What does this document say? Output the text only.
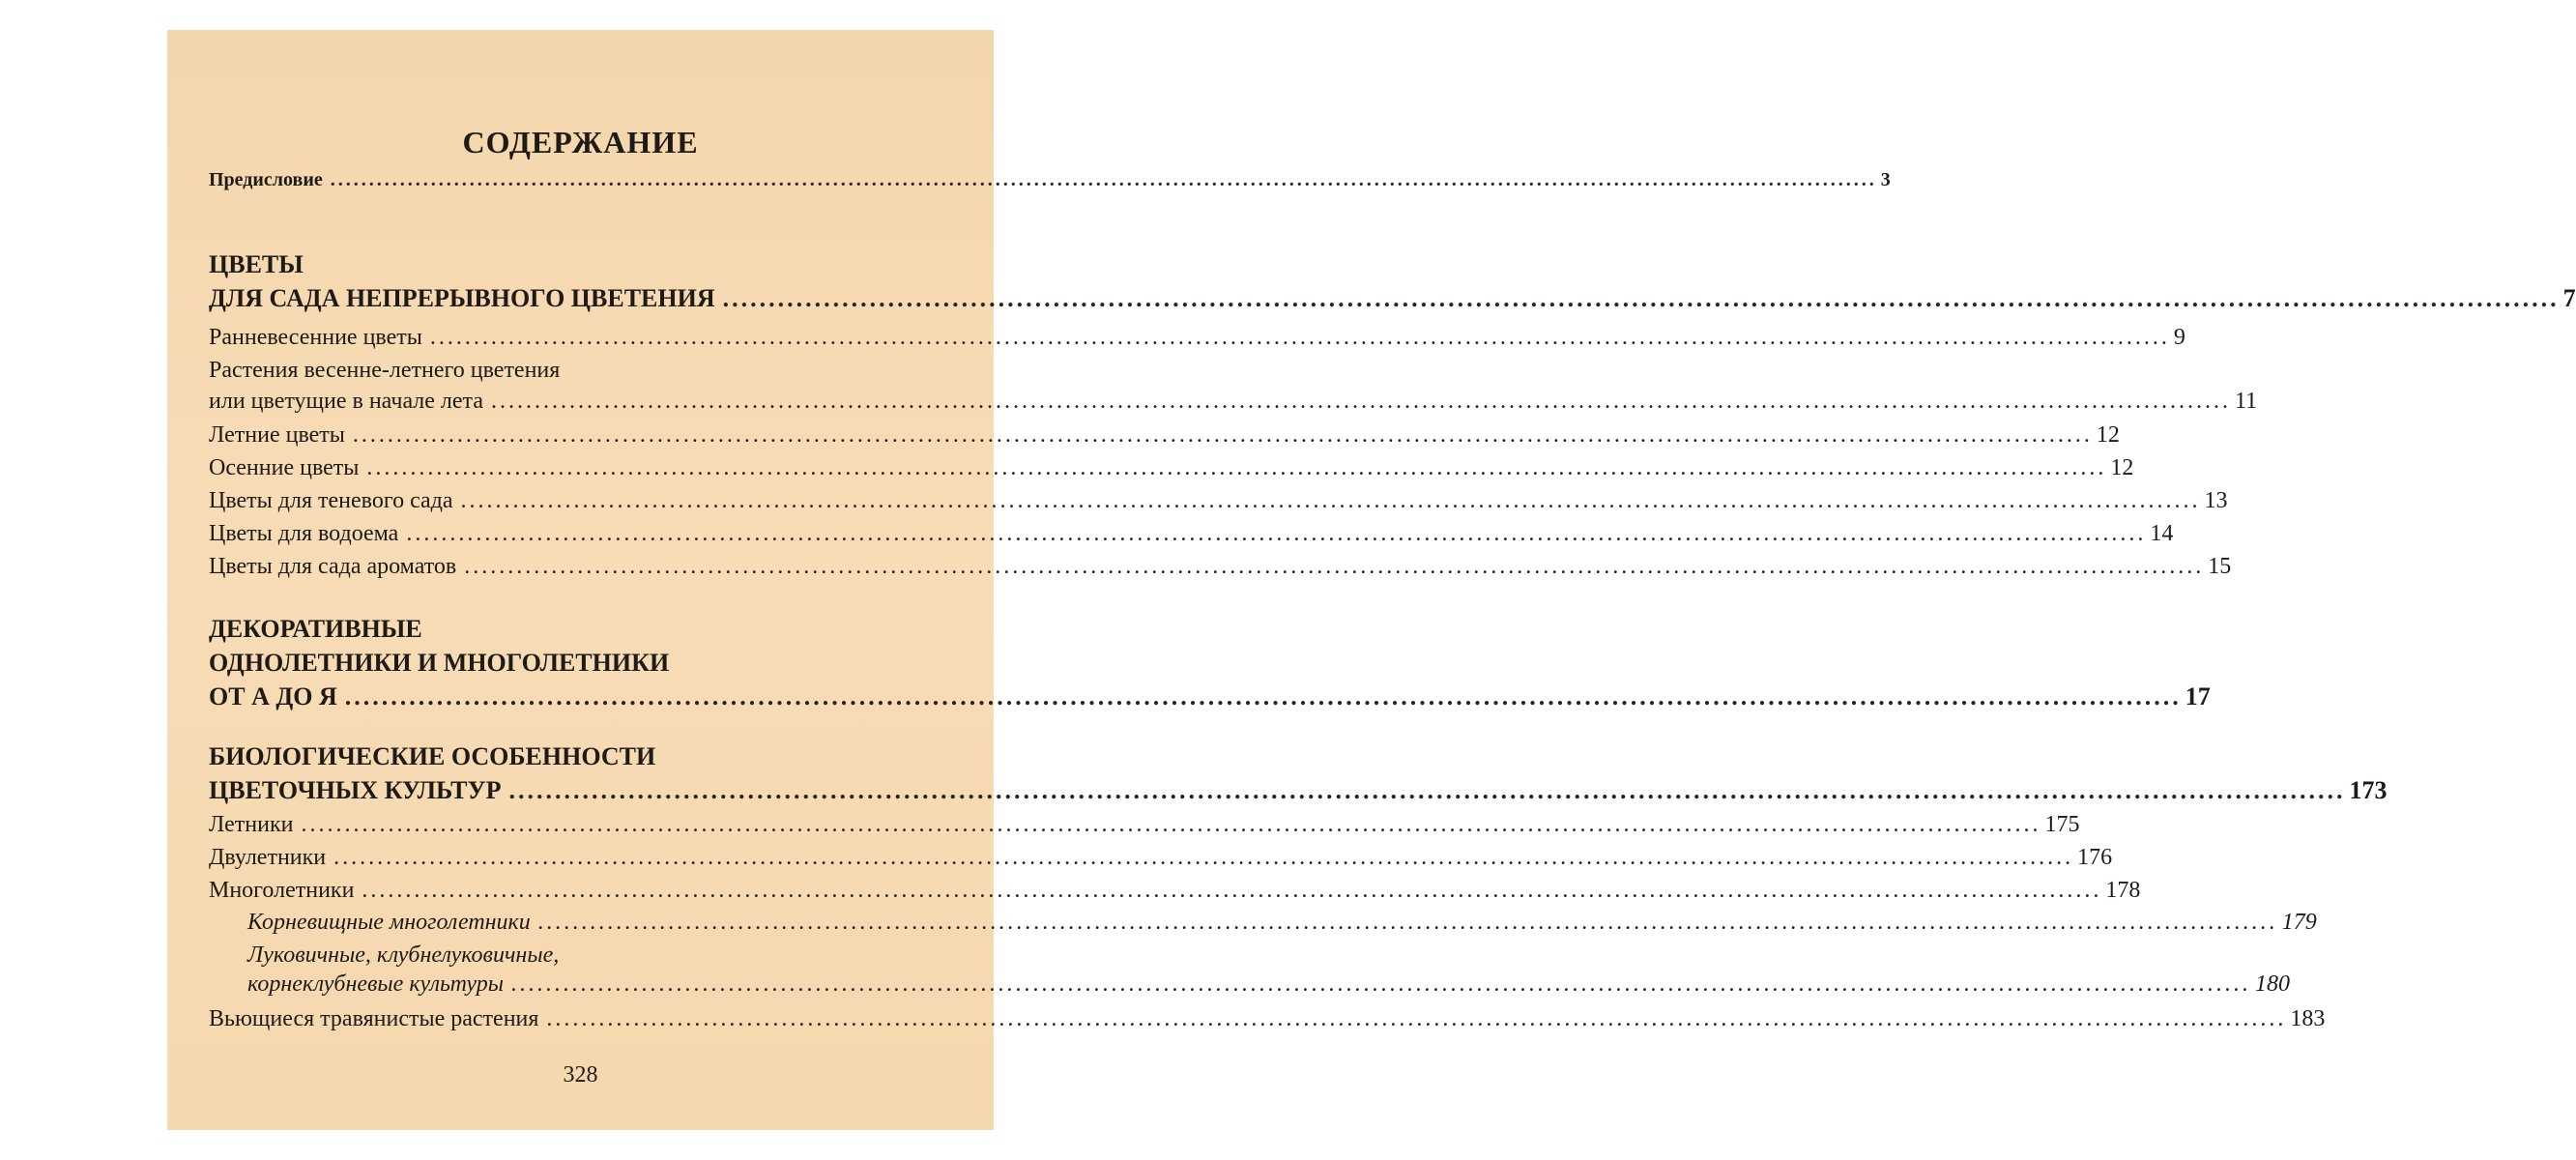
СОДЕРЖАНИЕ
Предисловие ........................................................................................................................................................................................................ 3
ЦВЕТЫ
ДЛЯ САДА НЕПРЕРЫВНОГО ЦВЕТЕНИЯ ........................................................................................................................................................................................................ 7
Ранневесенние цветы ........................................................................................................................................................................................................ 9
Растения весенне-летнего цветения
или цветущие в начале лета ........................................................................................................................................................................................................ 11
Летние цветы ........................................................................................................................................................................................................ 12
Осенние цветы ........................................................................................................................................................................................................ 12
Цветы для теневого сада ........................................................................................................................................................................................................ 13
Цветы для водоема ........................................................................................................................................................................................................ 14
Цветы для сада ароматов ........................................................................................................................................................................................................ 15
ДЕКОРАТИВНЫЕ
ОДНОЛЕТНИКИ И МНОГОЛЕТНИКИ
ОТ А ДО Я ........................................................................................................................................................................................................ 17
БИОЛОГИЧЕСКИЕ ОСОБЕННОСТИ
ЦВЕТОЧНЫХ КУЛЬТУР ........................................................................................................................................................................................................ 173
Летники ........................................................................................................................................................................................................ 175
Двулетники ........................................................................................................................................................................................................ 176
Многолетники ........................................................................................................................................................................................................ 178
Корневищные многолетники ........................................................................................................................................................................................................ 179
Луковичные, клубнелуковичные,
корнеклубневые культуры ........................................................................................................................................................................................................ 180
Вьющиеся травянистые растения ........................................................................................................................................................................................................ 183
328
